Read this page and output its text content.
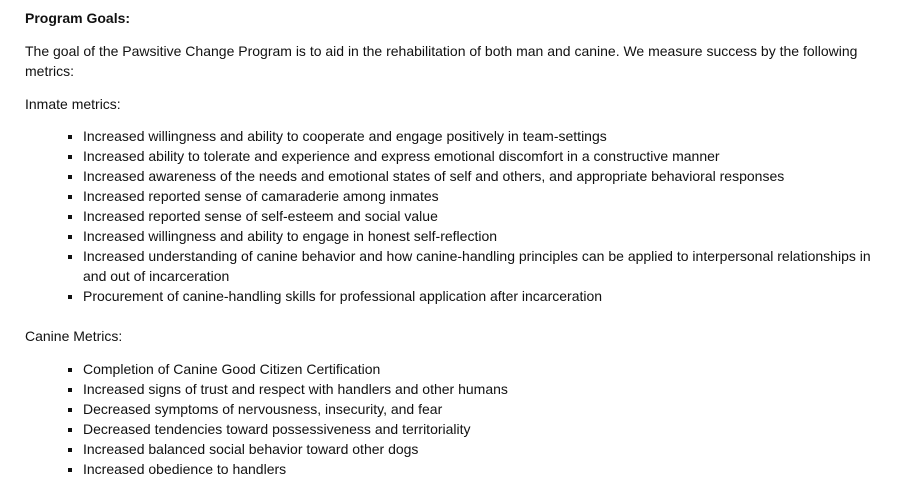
Program Goals:

The goal of the Pawsitive Change Program is to aid in the rehabilitation of both man and canine. We measure success by the following metrics:

Inmate metrics:

▪ Increased willingness and ability to cooperate and engage positively in team-settings
▪ Increased ability to tolerate and experience and express emotional discomfort in a constructive manner
▪ Increased awareness of the needs and emotional states of self and others, and appropriate behavioral responses
▪ Increased reported sense of camaraderie among inmates
▪ Increased reported sense of self-esteem and social value
▪ Increased willingness and ability to engage in honest self-reflection
▪ Increased understanding of canine behavior and how canine-handling principles can be applied to interpersonal relationships in and out of incarceration
▪ Procurement of canine-handling skills for professional application after incarceration

Canine Metrics:

▪ Completion of Canine Good Citizen Certification
▪ Increased signs of trust and respect with handlers and other humans
▪ Decreased symptoms of nervousness, insecurity, and fear
▪ Decreased tendencies toward possessiveness and territoriality
▪ Increased balanced social behavior toward other dogs
▪ Increased obedience to handlers
